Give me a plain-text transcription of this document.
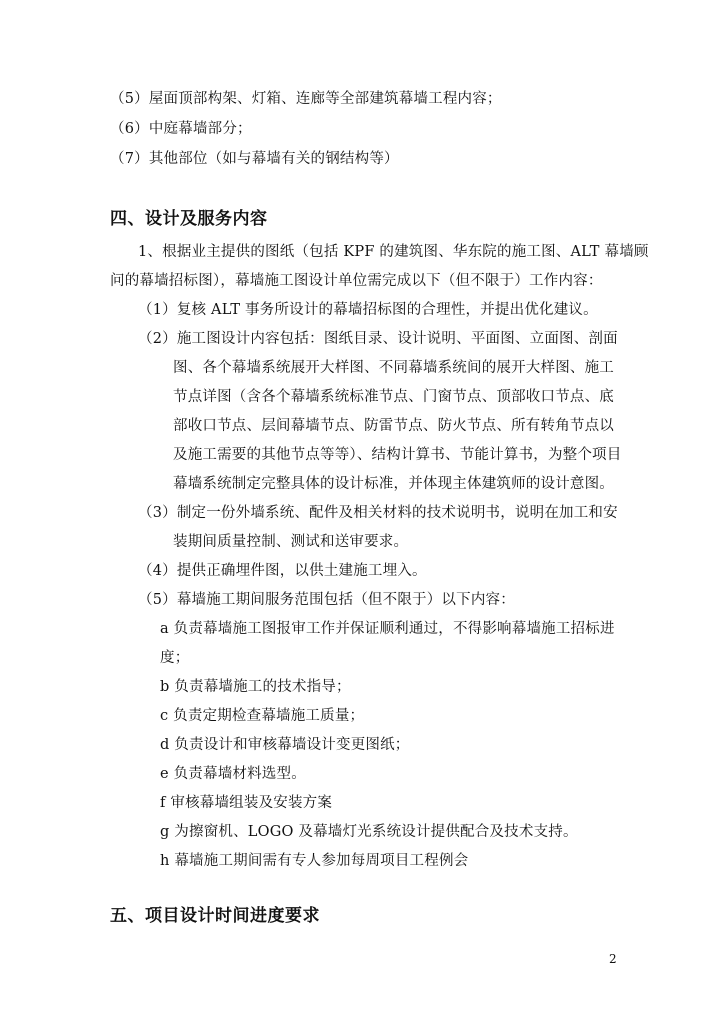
（5）屋面顶部构架、灯箱、连廊等全部建筑幕墙工程内容；
（6）中庭幕墙部分；
（7）其他部位（如与幕墙有关的钢结构等）
四、设计及服务内容
1、根据业主提供的图纸（包括 KPF 的建筑图、华东院的施工图、ALT 幕墙顾
问的幕墙招标图），幕墙施工图设计单位需完成以下（但不限于）工作内容：
（1）复核 ALT 事务所设计的幕墙招标图的合理性，并提出优化建议。
（2）施工图设计内容包括：图纸目录、设计说明、平面图、立面图、剖面
图、各个幕墙系统展开大样图、不同幕墙系统间的展开大样图、施工
节点详图（含各个幕墙系统标准节点、门窗节点、顶部收口节点、底
部收口节点、层间幕墙节点、防雷节点、防火节点、所有转角节点以
及施工需要的其他节点等等）、结构计算书、节能计算书，为整个项目
幕墙系统制定完整具体的设计标准，并体现主体建筑师的设计意图。
（3）制定一份外墙系统、配件及相关材料的技术说明书，说明在加工和安
装期间质量控制、测试和送审要求。
（4）提供正确埋件图，以供土建施工埋入。
（5）幕墙施工期间服务范围包括（但不限于）以下内容：
a 负责幕墙施工图报审工作并保证顺利通过，不得影响幕墙施工招标进
度；
b 负责幕墙施工的技术指导；
c 负责定期检查幕墙施工质量；
d 负责设计和审核幕墙设计变更图纸；
e 负责幕墙材料选型。
f 审核幕墙组装及安装方案
g 为擦窗机、LOGO 及幕墙灯光系统设计提供配合及技术支持。
h 幕墙施工期间需有专人参加每周项目工程例会
五、项目设计时间进度要求
2
